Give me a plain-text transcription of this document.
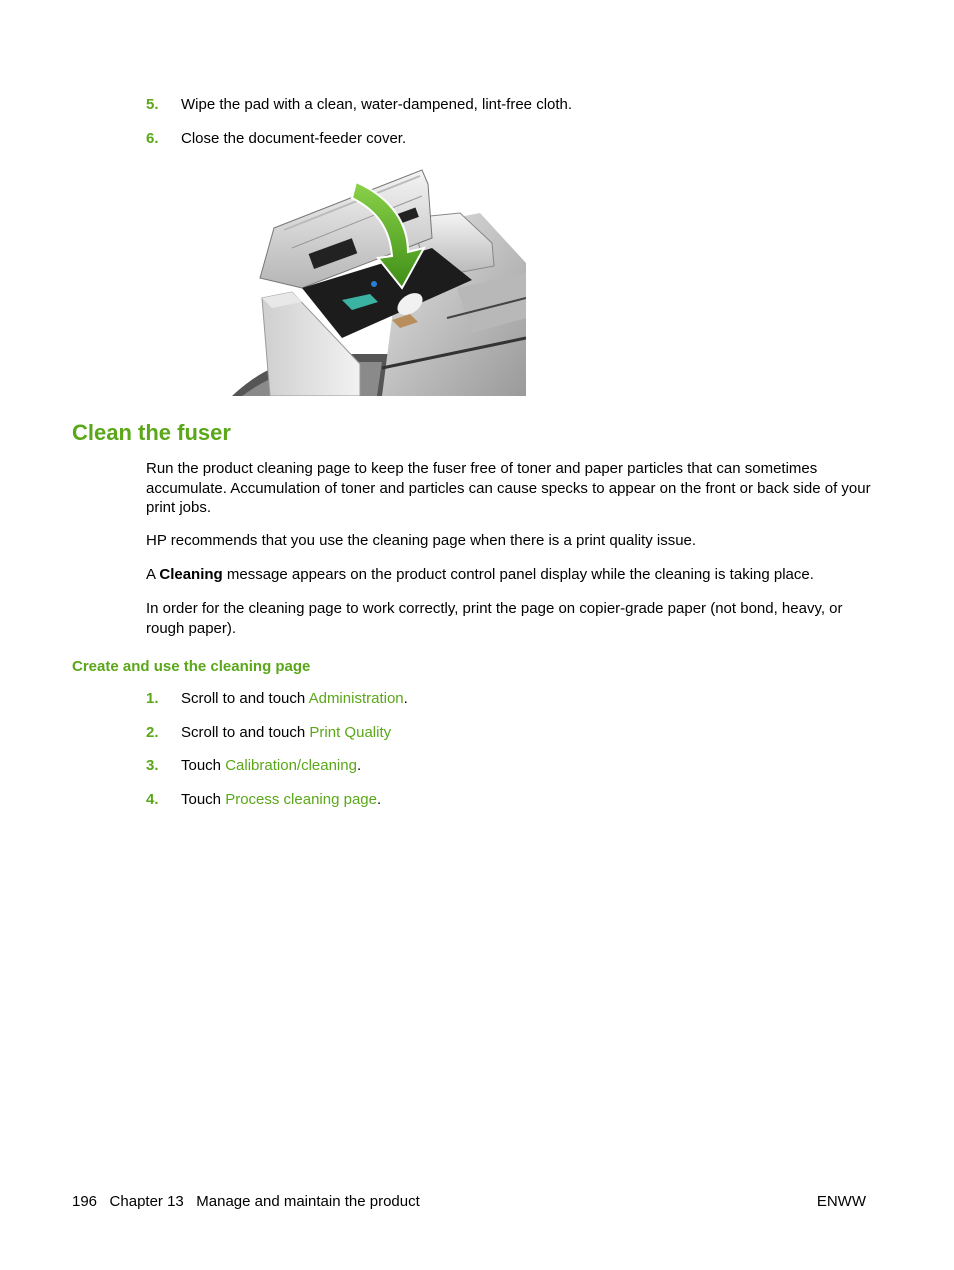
5. Wipe the pad with a clean, water-dampened, lint-free cloth.
6. Close the document-feeder cover.
Clean the fuser

Run the product cleaning page to keep the fuser free of toner and paper particles that can sometimes accumulate. Accumulation of toner and particles can cause specks to appear on the front or back side of your print jobs.

HP recommends that you use the cleaning page when there is a print quality issue.

A Cleaning message appears on the product control panel display while the cleaning is taking place.

In order for the cleaning page to work correctly, print the page on copier-grade paper (not bond, heavy, or rough paper).

Create and use the cleaning page
1. Scroll to and touch Administration.
2. Scroll to and touch Print Quality
3. Touch Calibration/cleaning.
4. Touch Process cleaning page.
196 Chapter 13 Manage and maintain the product	ENWW
